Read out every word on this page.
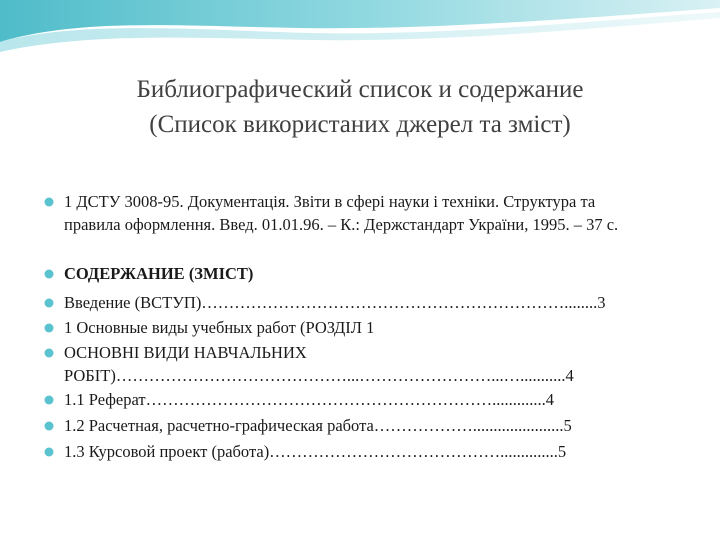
Библиографический список и содержание
(Список використаних джерел та зміст)
1 ДСТУ 3008-95. Документація. Звіти в сфері науки і техніки. Структура та
правила оформлення. Введ. 01.01.96. – К.: Держстандарт України, 1995. – 37 с.
СОДЕРЖАНИЕ (ЗМІСТ)
Введение (ВСТУП)…………………………………………………………........3
1 Основные виды учебных работ (РОЗДІЛ 1
ОСНОВНІ ВИДИ НАВЧАЛЬНИХ
РОБІТ)……………………………………...……………………...…...........4
1.1 Реферат……………………………………………………….............4
1.2 Расчетная, расчетно-графическая работа………………......................5
1.3 Курсовой проект (работа)……………………………………..............5
